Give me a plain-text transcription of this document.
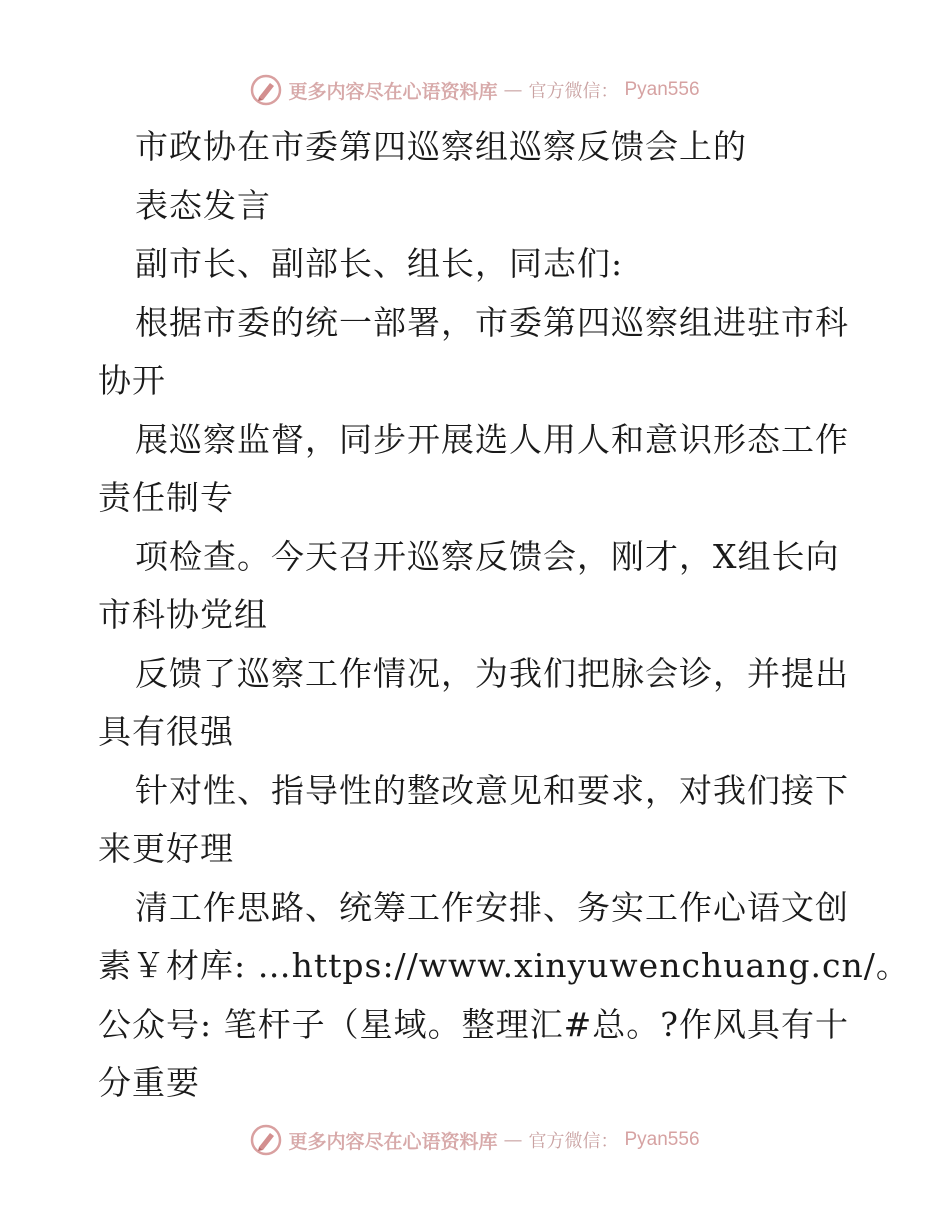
更多内容尽在心语资料库 — 官方微信： Pyan556
市政协在市委第四巡察组巡察反馈会上的
表态发言
副市长、副部长、组长，同志们:
根据市委的统一部署，市委第四巡察组进驻市科
协开
展巡察监督，同步开展选人用人和意识形态工作
责任制专
项检查。今天召开巡察反馈会，刚才，X组长向
市科协党组
反馈了巡察工作情况，为我们把脉会诊，并提出
具有很强
针对性、指导性的整改意见和要求，对我们接下
来更好理
清工作思路、统筹工作安排、务实工作心语文创
素￥材库: …https://www.xinyuwenchuang.cn/。
公众号: 笔杆子（星域。整理汇#总。?作风具有十
分重要
更多内容尽在心语资料库 — 官方微信： Pyan556
